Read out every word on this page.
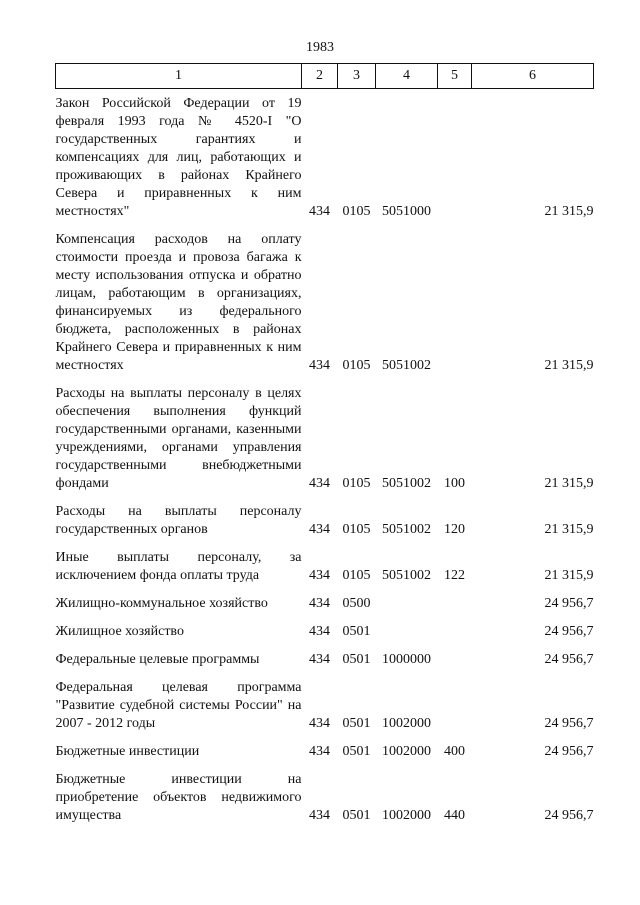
1983
1	2	3	4	5	6
Закон Российской Федерации от 19 февраля 1993 года № 4520-I "О государственных гарантиях и компенсациях для лиц, работающих и проживающих в районах Крайнего Севера и приравненных к ним местностях"	434	0105	5051000		21 315,9
Компенсация расходов на оплату стоимости проезда и провоза багажа к месту использования отпуска и обратно лицам, работающим в организациях, финансируемых из федерального бюджета, расположенных в районах Крайнего Севера и приравненных к ним местностях	434	0105	5051002		21 315,9
Расходы на выплаты персоналу в целях обеспечения выполнения функций государственными органами, казенными учреждениями, органами управления государственными внебюджетными фондами	434	0105	5051002	100	21 315,9
Расходы на выплаты персоналу государственных органов	434	0105	5051002	120	21 315,9
Иные выплаты персоналу, за исключением фонда оплаты труда	434	0105	5051002	122	21 315,9
Жилищно-коммунальное хозяйство	434	0500			24 956,7
Жилищное хозяйство	434	0501			24 956,7
Федеральные целевые программы	434	0501	1000000		24 956,7
Федеральная целевая программа "Развитие судебной системы России" на 2007 - 2012 годы	434	0501	1002000		24 956,7
Бюджетные инвестиции	434	0501	1002000	400	24 956,7
Бюджетные инвестиции на приобретение объектов недвижимого имущества	434	0501	1002000	440	24 956,7
